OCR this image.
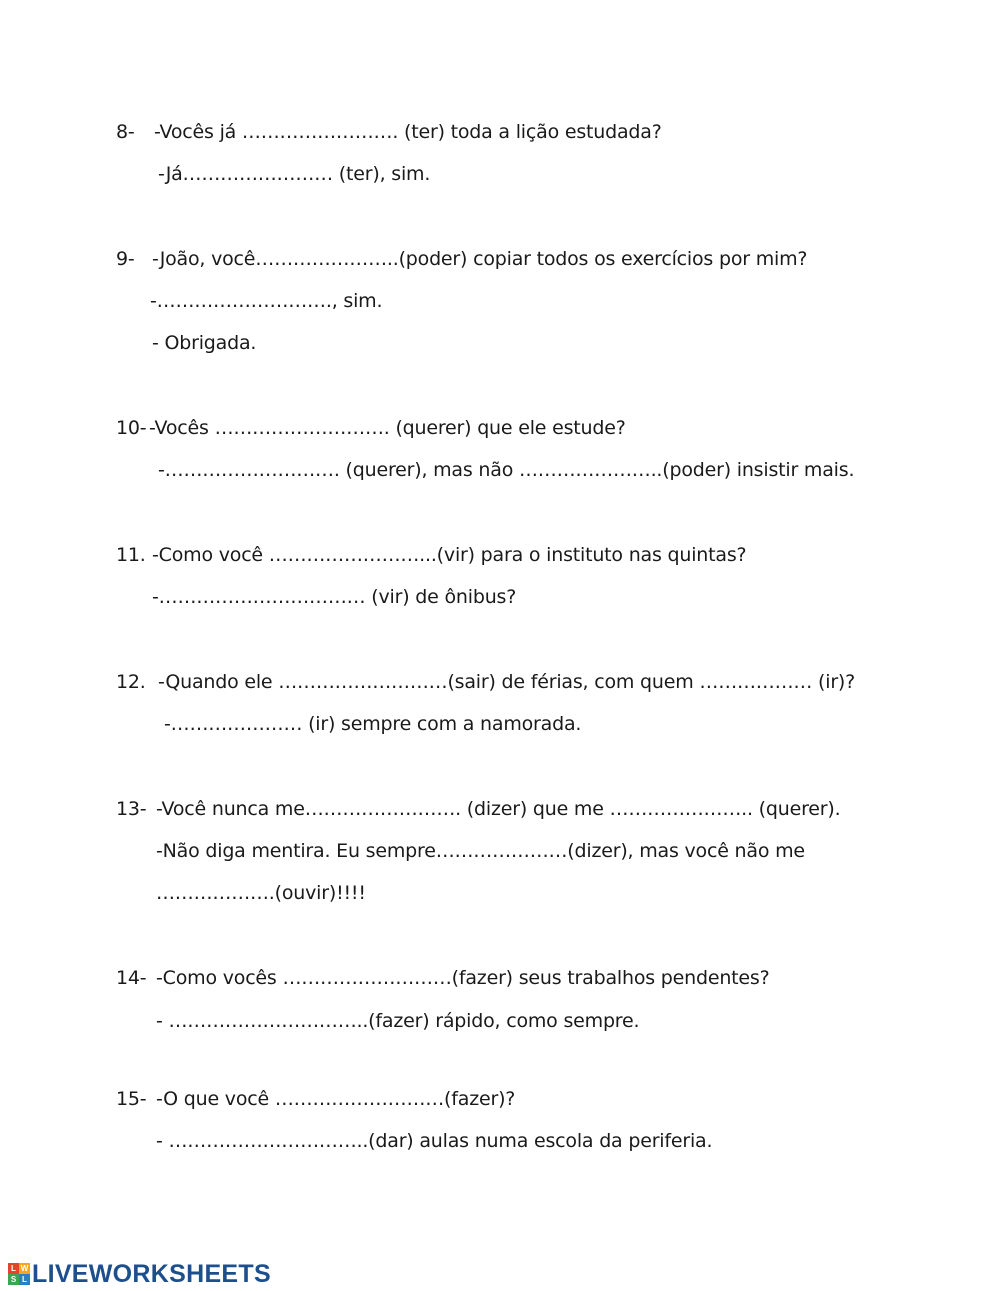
8- -Vocês já ……………………. (ter) toda a lição estudada?
-Já…………………… (ter), sim.
9- -João, você…………………..(poder) copiar todos os exercícios por mim?
-………………………., sim.
- Obrigada.
10- -Vocês ………………………. (querer) que ele estude?
-………………………. (querer), mas não …………………..(poder) insistir mais.
11. -Como você ……………………...(vir) para o instituto nas quintas?
-…………………………… (vir) de ônibus?
12. -Quando ele ………………………(sair) de férias, com quem ……………… (ir)?
-………………… (ir) sempre com a namorada.
13- -Você nunca me……………………. (dizer) que me ………………….. (querer).
-Não diga mentira. Eu sempre…………………(dizer), mas você não me
……………….(ouvir)!!!!
14- -Como vocês ………………………(fazer) seus trabalhos pendentes?
- …………………………..(fazer) rápido, como sempre.
15- -O que você ………………………(fazer)?
- …………………………..(dar) aulas numa escola da periferia.
L W
S L LIVEWORKSHEETS
